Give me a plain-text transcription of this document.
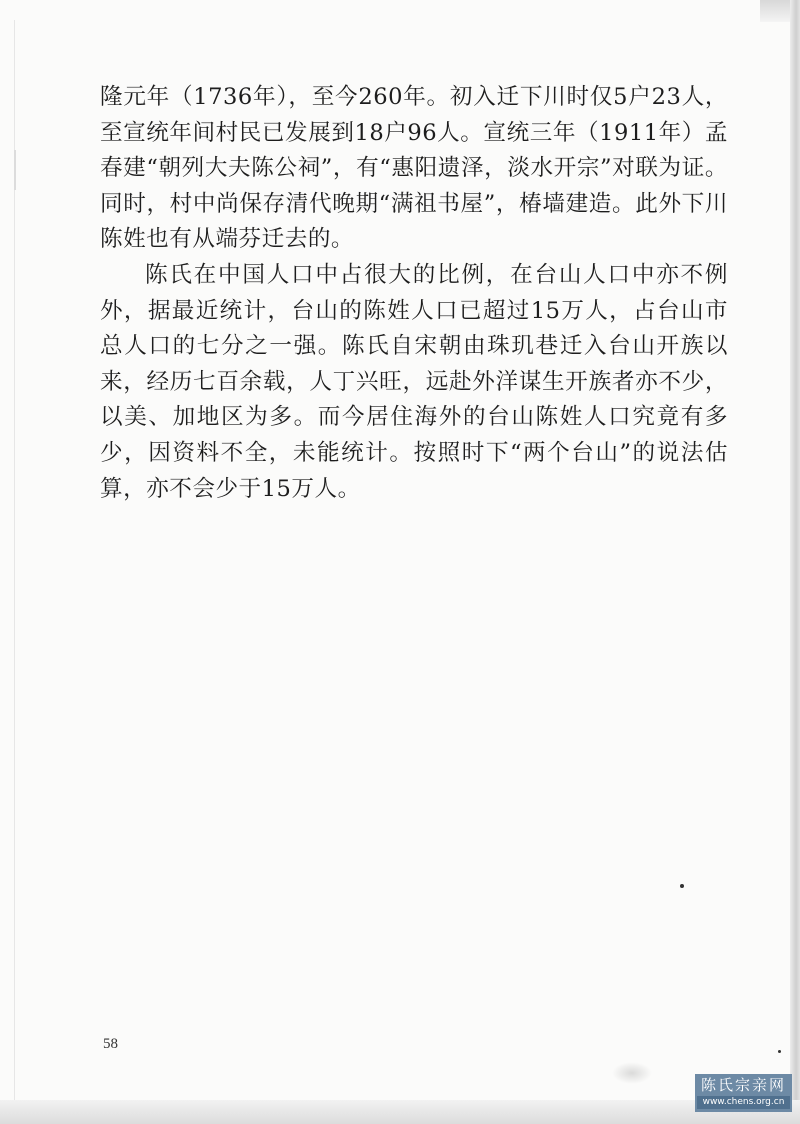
隆元年（1736年），至今260年。初入迁下川时仅5户23人，至宣统年间村民已发展到18户96人。宣统三年（1911年）孟春建“朝列大夫陈公祠”，有“惠阳遗泽，淡水开宗”对联为证。同时，村中尚保存清代晚期“满祖书屋”，椿墙建造。此外下川陈姓也有从端芬迁去的。

陈氏在中国人口中占很大的比例，在台山人口中亦不例外，据最近统计，台山的陈姓人口已超过15万人，占台山市总人口的七分之一强。陈氏自宋朝由珠玑巷迁入台山开族以来，经历七百余载，人丁兴旺，远赴外洋谋生开族者亦不少，以美、加地区为多。而今居住海外的台山陈姓人口究竟有多少，因资料不全，未能统计。按照时下“两个台山”的说法估算，亦不会少于15万人。

58
陈氏宗亲网
www.chens.org.cn
